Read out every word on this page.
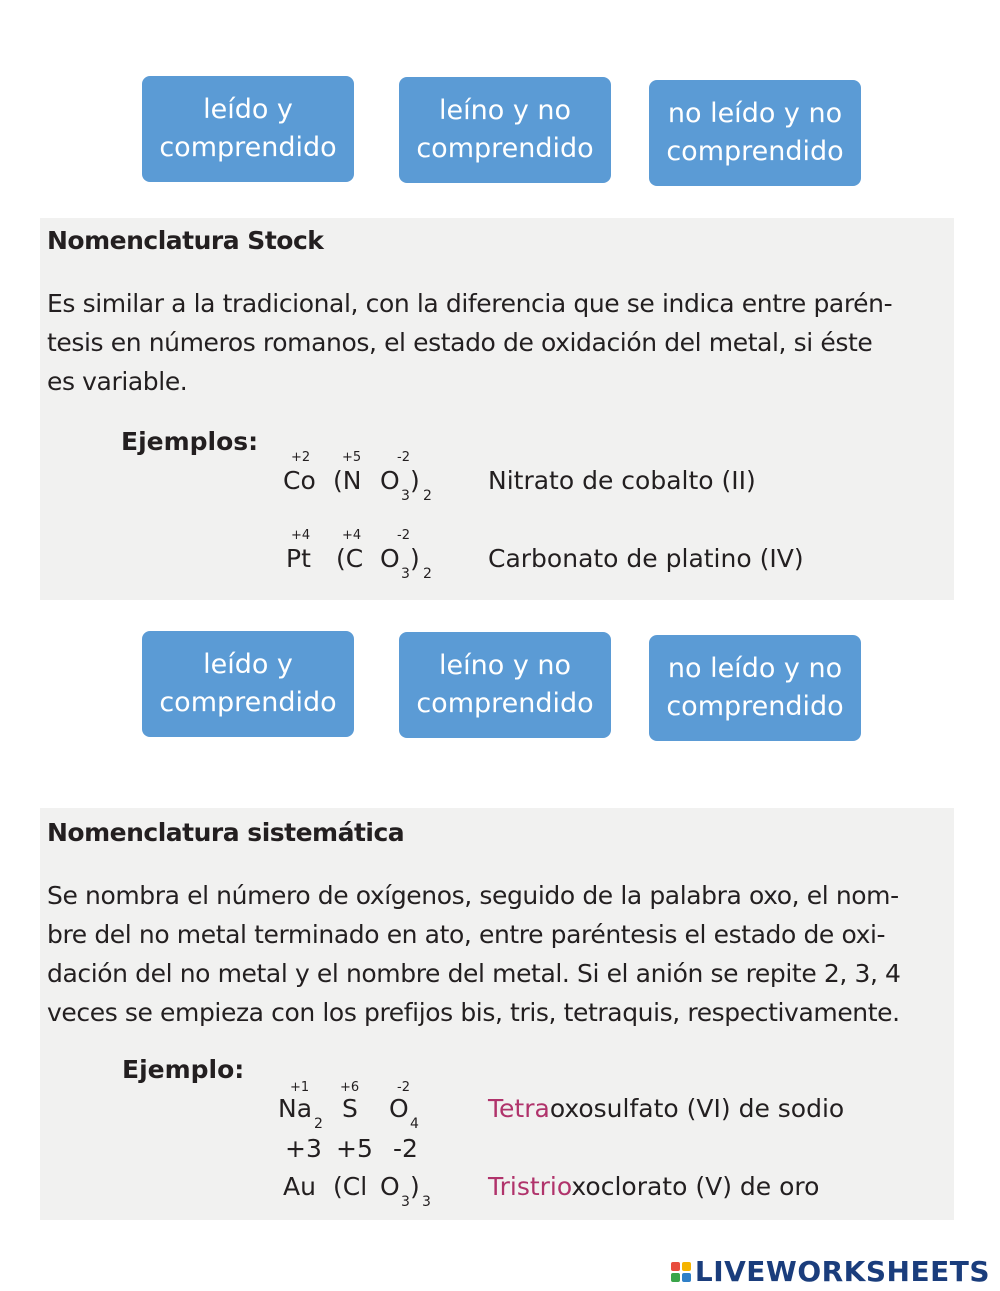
leído y
comprendido
leíno y no
comprendido
no leído y no
comprendido
Nomenclatura Stock
Es similar a la tradicional, con la diferencia que se indica entre parén-
tesis en números romanos, el estado de oxidación del metal, si éste
es variable.
Ejemplos:
+2 +5	-2
Co (N O
3
)
2
Nitrato de cobalto (II)
+4 +4	-2
Pt (C O
3
)
2
Carbonato de platino (IV)
leído y
comprendido
leíno y no
comprendido
no leído y no
comprendido
Nomenclatura sistemática
Se nombra el número de oxígenos, seguido de la palabra oxo, el nom-
bre del no metal terminado en ato, entre paréntesis el estado de oxi-
dación del no metal y el nombre del metal. Si el anión se repite 2, 3, 4
veces se empieza con los prefijos bis, tris, tetraquis, respectivamente.
Ejemplo:
+1 +6	-2
Na
2
S O
4
Tetraoxosulfato (VI) de sodio
+3 +5 -2
Au (Cl O
3
)
3
Tristrioxoclorato (V) de oro
LIVEWORKSHEETS
